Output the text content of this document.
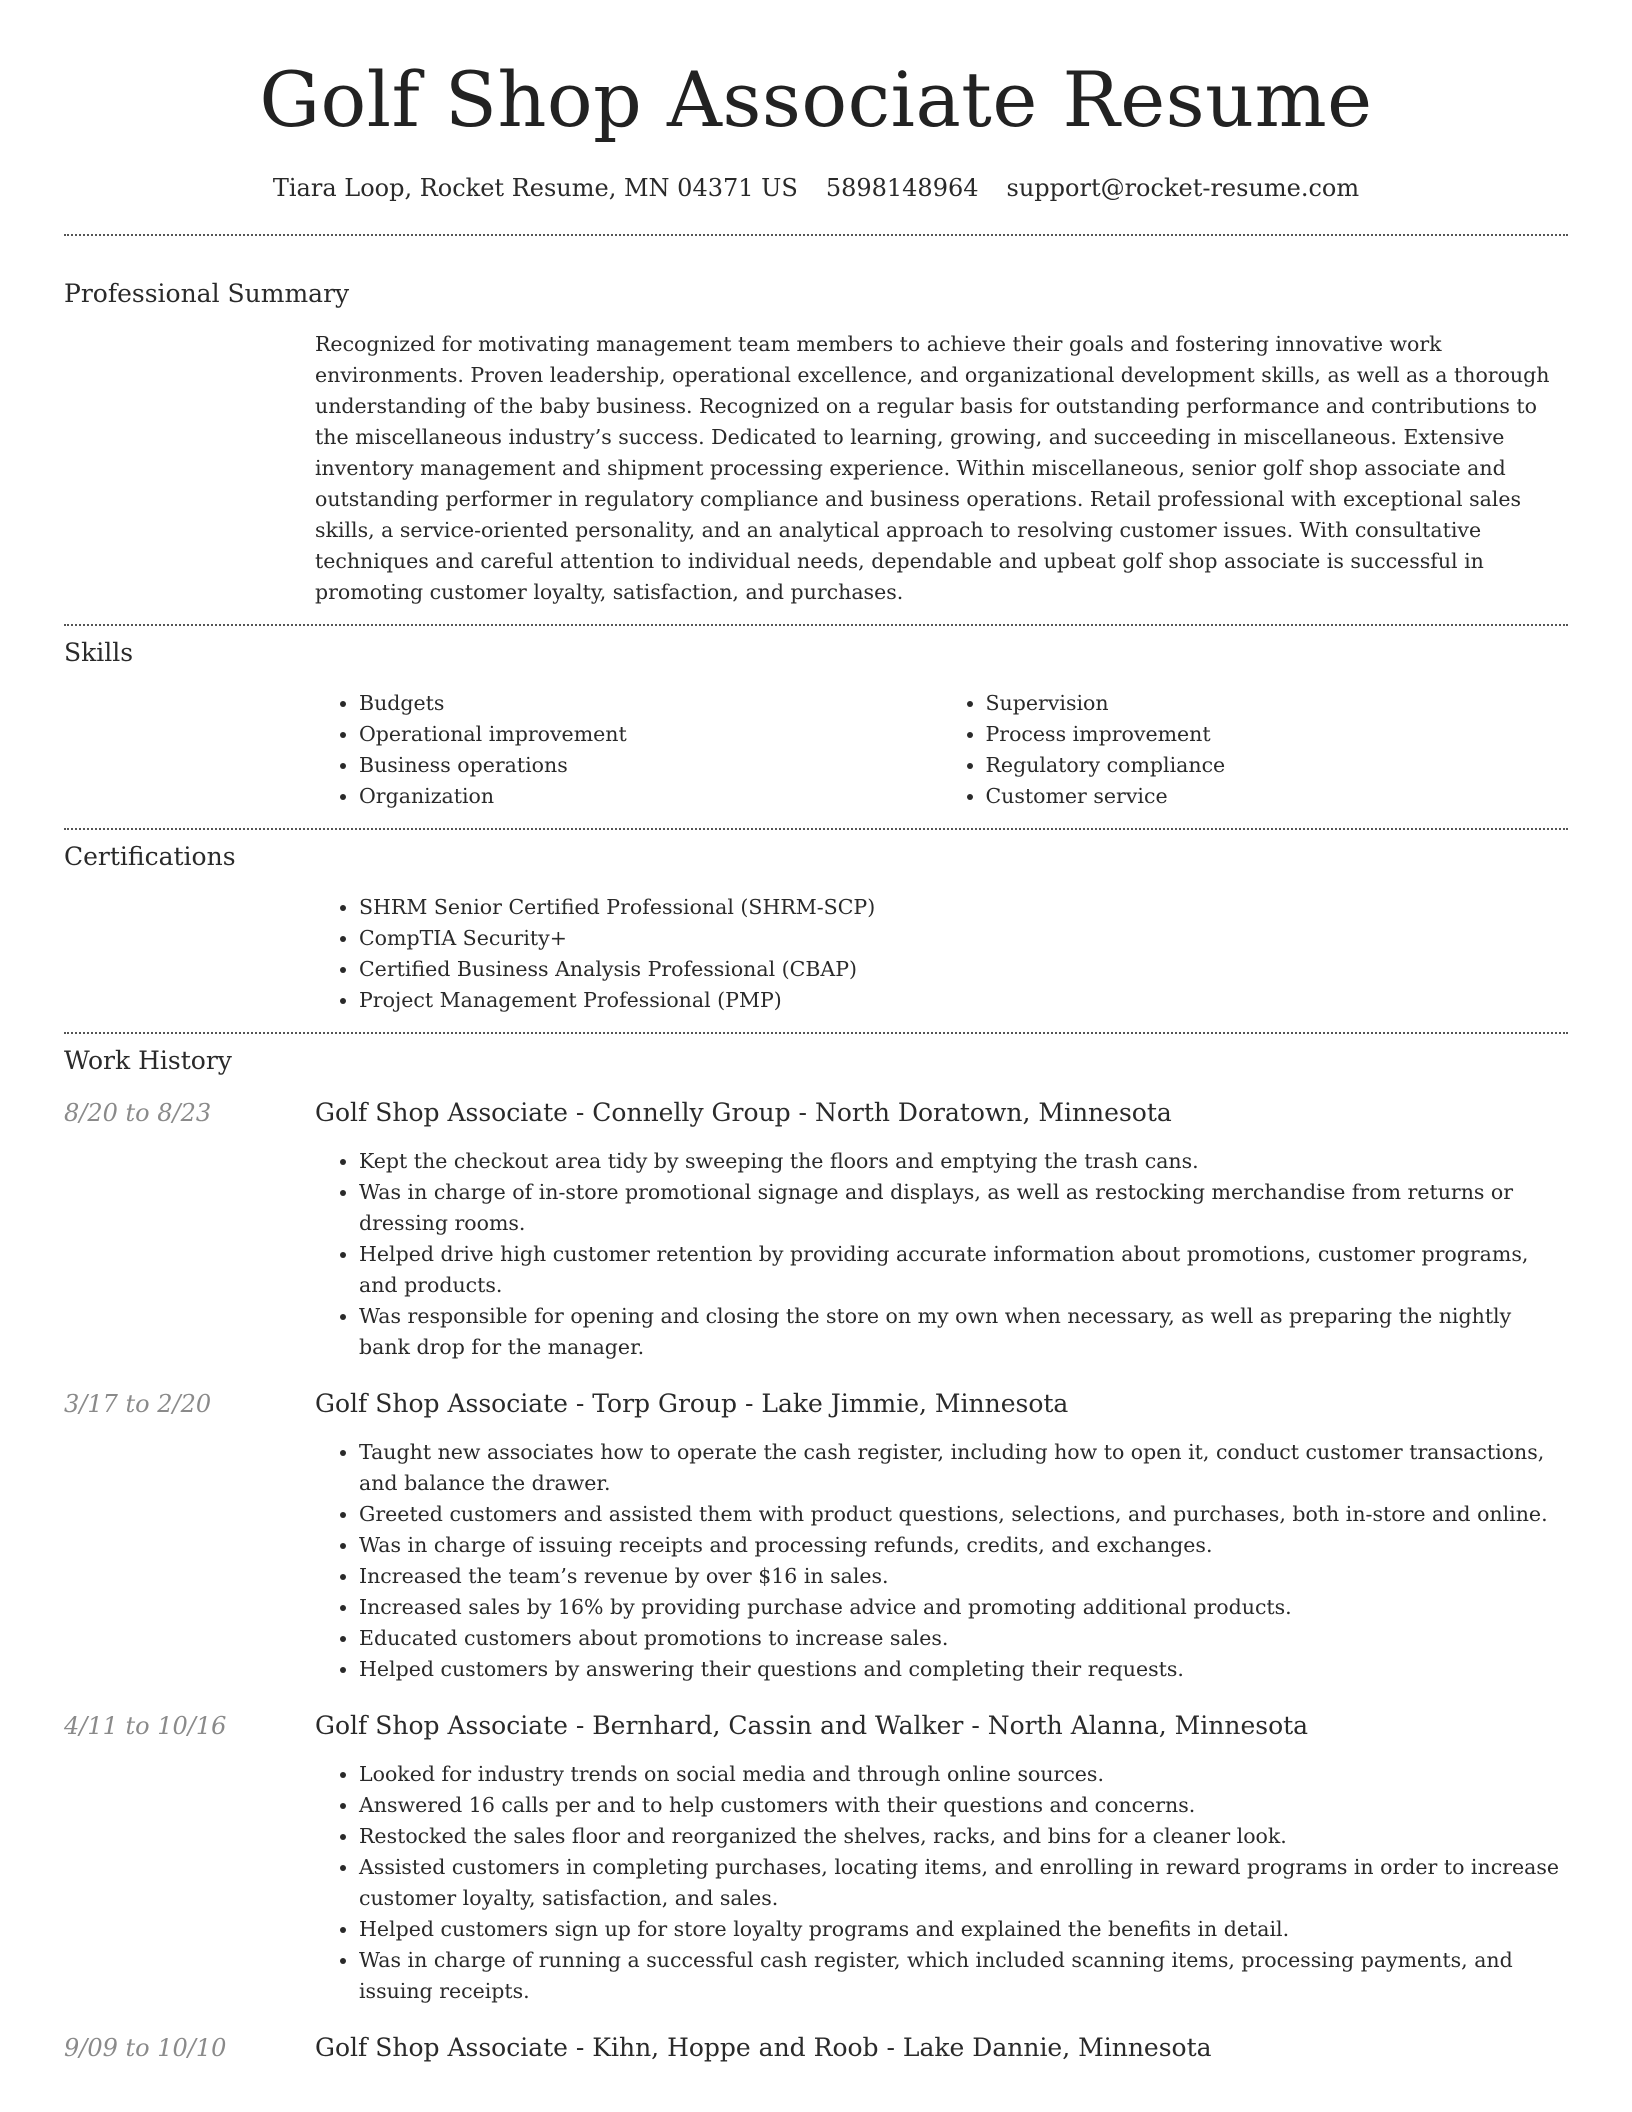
Golf Shop Associate Resume
Tiara Loop, Rocket Resume, MN 04371 US 5898148964 support@rocket-resume.com
Professional Summary

Recognized for motivating management team members to achieve their goals and fostering innovative work environments. Proven leadership, operational excellence, and organizational development skills, as well as a thorough understanding of the baby business. Recognized on a regular basis for outstanding performance and contributions to the miscellaneous industry’s success. Dedicated to learning, growing, and succeeding in miscellaneous. Extensive inventory management and shipment processing experience. Within miscellaneous, senior golf shop associate and outstanding performer in regulatory compliance and business operations. Retail professional with exceptional sales skills, a service-oriented personality, and an analytical approach to resolving customer issues. With consultative techniques and careful attention to individual needs, dependable and upbeat golf shop associate is successful in promoting customer loyalty, satisfaction, and purchases.

Skills
• Budgets
• Operational improvement
• Business operations
• Organization
• Supervision
• Process improvement
• Regulatory compliance
• Customer service
Certifications
• SHRM Senior Certified Professional (SHRM-SCP)
• CompTIA Security+
• Certified Business Analysis Professional (CBAP)
• Project Management Professional (PMP)
Work History
8/20 to 8/23	Golf Shop Associate - Connelly Group - North Doratown, Minnesota
• Kept the checkout area tidy by sweeping the floors and emptying the trash cans.
• Was in charge of in-store promotional signage and displays, as well as restocking merchandise from returns or dressing rooms.
• Helped drive high customer retention by providing accurate information about promotions, customer programs, and products.
• Was responsible for opening and closing the store on my own when necessary, as well as preparing the nightly bank drop for the manager.
3/17 to 2/20	Golf Shop Associate - Torp Group - Lake Jimmie, Minnesota
• Taught new associates how to operate the cash register, including how to open it, conduct customer transactions, and balance the drawer.
• Greeted customers and assisted them with product questions, selections, and purchases, both in-store and online.
• Was in charge of issuing receipts and processing refunds, credits, and exchanges.
• Increased the team’s revenue by over $16 in sales.
• Increased sales by 16% by providing purchase advice and promoting additional products.
• Educated customers about promotions to increase sales.
• Helped customers by answering their questions and completing their requests.
4/11 to 10/16	Golf Shop Associate - Bernhard, Cassin and Walker - North Alanna, Minnesota
• Looked for industry trends on social media and through online sources.
• Answered 16 calls per and to help customers with their questions and concerns.
• Restocked the sales floor and reorganized the shelves, racks, and bins for a cleaner look.
• Assisted customers in completing purchases, locating items, and enrolling in reward programs in order to increase customer loyalty, satisfaction, and sales.
• Helped customers sign up for store loyalty programs and explained the benefits in detail.
• Was in charge of running a successful cash register, which included scanning items, processing payments, and issuing receipts.
9/09 to 10/10	Golf Shop Associate - Kihn, Hoppe and Roob - Lake Dannie, Minnesota
